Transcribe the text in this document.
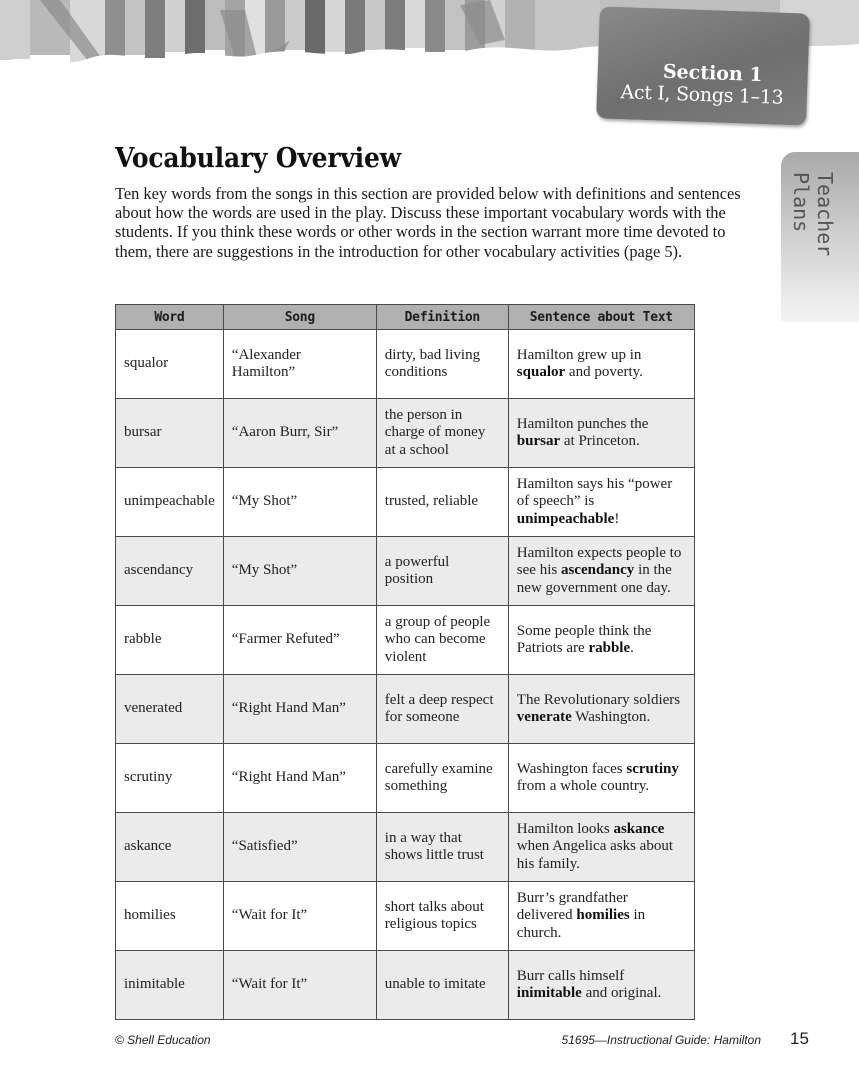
Section 1
Act I, Songs 1–13
Teacher Plans
Vocabulary Overview

Ten key words from the songs in this section are provided below with definitions and sentences about how the words are used in the play. Discuss these important vocabulary words with the students. If you think these words or other words in the section warrant more time devoted to them, there are suggestions in the introduction for other vocabulary activities (page 5).

Word	Song	Definition	Sentence about Text
squalor	“Alexander Hamilton”	dirty, bad living conditions	Hamilton grew up in squalor and poverty.
bursar	“Aaron Burr, Sir”	the person in charge of money at a school	Hamilton punches the bursar at Princeton.
unimpeachable	“My Shot”	trusted, reliable	Hamilton says his “power of speech” is unimpeachable!
ascendancy	“My Shot”	a powerful position	Hamilton expects people to see his ascendancy in the new government one day.
rabble	“Farmer Refuted”	a group of people who can become violent	Some people think the Patriots are rabble.
venerated	“Right Hand Man”	felt a deep respect for someone	The Revolutionary soldiers venerate Washington.
scrutiny	“Right Hand Man”	carefully examine something	Washington faces scrutiny from a whole country.
askance	“Satisfied”	in a way that shows little trust	Hamilton looks askance when Angelica asks about his family.
homilies	“Wait for It”	short talks about religious topics	Burr’s grandfather delivered homilies in church.
inimitable	“Wait for It”	unable to imitate	Burr calls himself inimitable and original.
© Shell Education	51695—Instructional Guide: Hamilton 15
